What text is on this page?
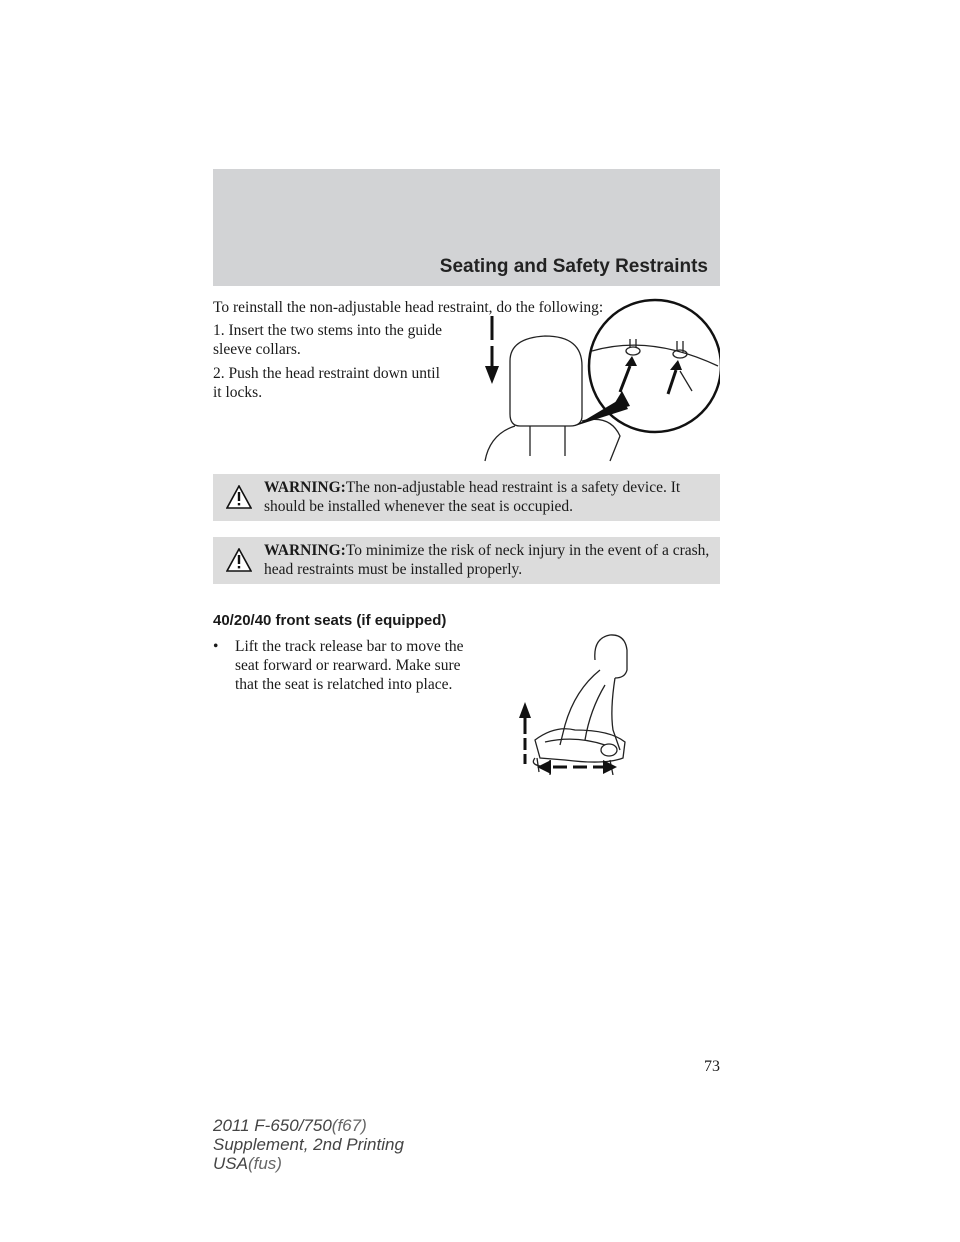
Seating and Safety Restraints
To reinstall the non-adjustable head restraint, do the following:
1. Insert the two stems into the guide sleeve collars.
2. Push the head restraint down until it locks.
WARNING:The non-adjustable head restraint is a safety device. It should be installed whenever the seat is occupied.
WARNING:To minimize the risk of neck injury in the event of a crash, head restraints must be installed properly.
40/20/40 front seats (if equipped)
• Lift the track release bar to move the seat forward or rearward. Make sure that the seat is relatched into place.
73
2011 F-650/750(f67)
Supplement, 2nd Printing
USA(fus)
